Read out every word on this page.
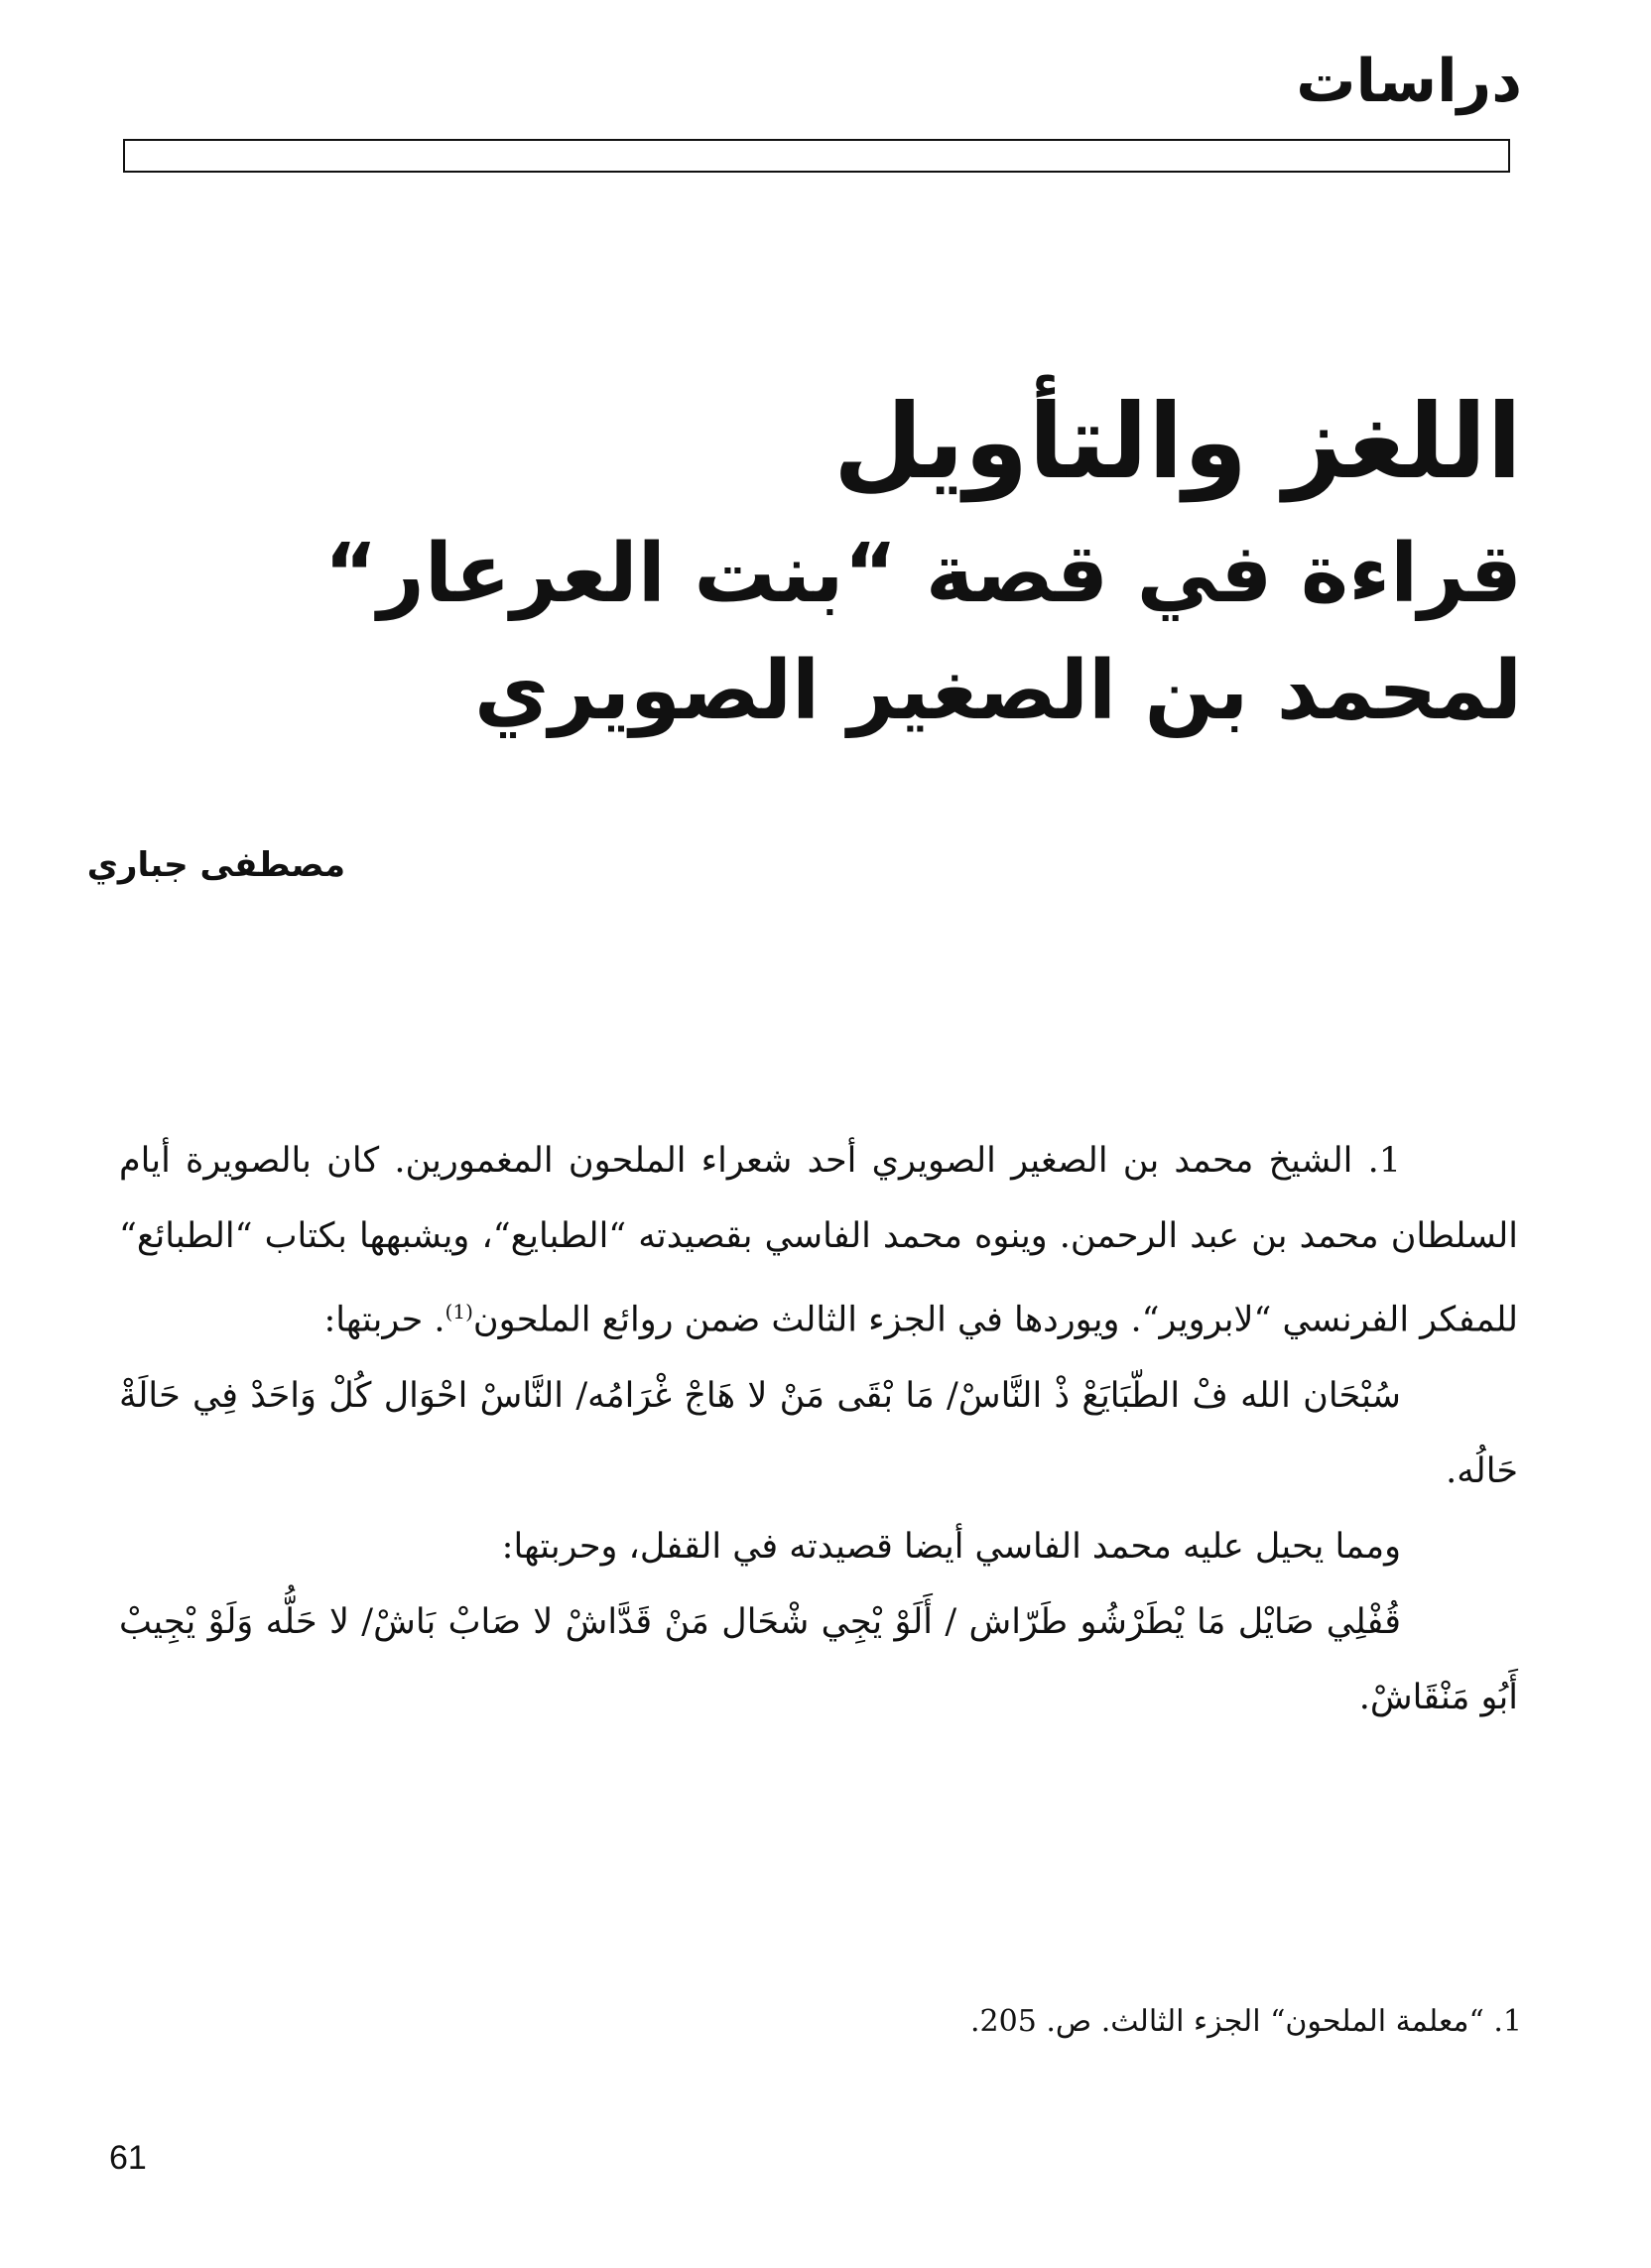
دراسات
اللغز والتأويل
قراءة في قصة “بنت العرعار“
لمحمد بن الصغير الصويري
مصطفى جباري

1. الشيخ محمد بن الصغير الصويري أحد شعراء الملحون المغمورين. كان بالصويرة أيام السلطان محمد بن عبد الرحمن. وينوه محمد الفاسي بقصيدته “الطبايع“، ويشبهها بكتاب “الطبائع“ للمفكر الفرنسي “لابروير“. ويوردها في الجزء الثالث ضمن روائع الملحون$^{(1)}$. حربتها:

سُبْحَان الله فْ الطّبَايَعْ ذْ النَّاسْ/ مَا بْقَى مَنْ لا هَاجْ غْرَامُه/ النَّاسْ احْوَال كُلْ وَاحَدْ فِي حَالَةْ حَالُه.

ومما يحيل عليه محمد الفاسي أيضا قصيدته في القفل، وحربتها:

قُفْلِي صَايْل مَا يْطَرْشُو طَرّاش / أَلَوْ يْجِي شْحَال مَنْ قَدَّاشْ لا صَابْ بَاشْ/ لا حَلُّه وَلَوْ يْجِيبْ أَبُو مَنْقَاشْ.

1. “معلمة الملحون“ الجزء الثالث. ص. 205.
61
